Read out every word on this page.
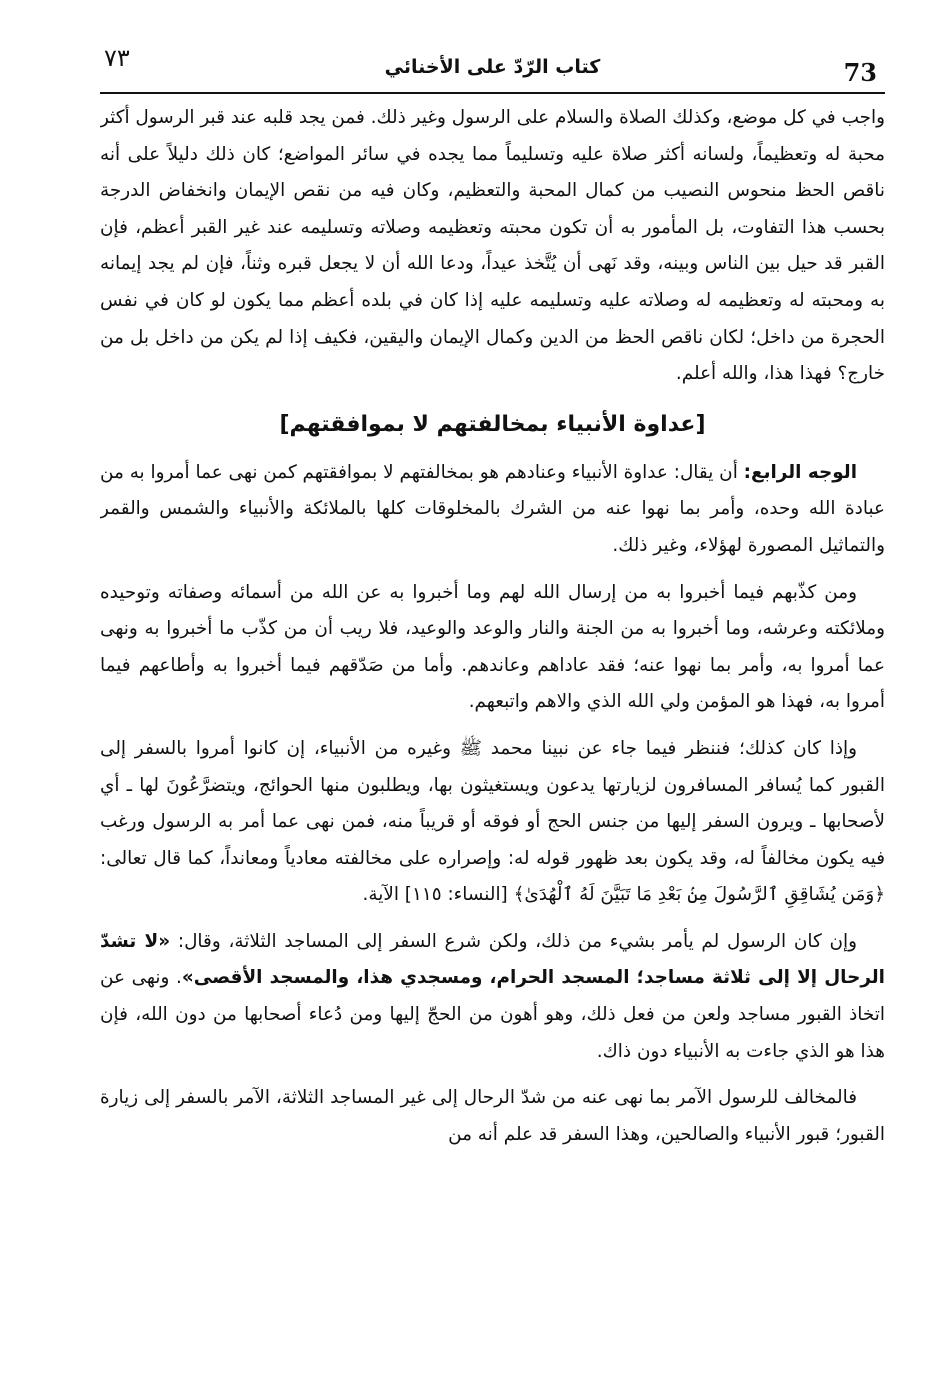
٧٣	كتاب الرّدّ على الأخنائي	73

واجب في كل موضع، وكذلك الصلاة والسلام على الرسول وغير ذلك. فمن يجد قلبه عند قبر الرسول أكثر محبة له وتعظيماً، ولسانه أكثر صلاة عليه وتسليماً مما يجده في سائر المواضع؛ كان ذلك دليلاً على أنه ناقص الحظ منحوس النصيب من كمال المحبة والتعظيم، وكان فيه من نقص الإيمان وانخفاض الدرجة بحسب هذا التفاوت، بل المأمور به أن تكون محبته وتعظيمه وصلاته وتسليمه عند غير القبر أعظم، فإن القبر قد حيل بين الناس وبينه، وقد نَهى أن يُتَّخذ عيداً، ودعا الله أن لا يجعل قبره وثناً، فإن لم يجد إيمانه به ومحبته له وتعظيمه له وصلاته عليه وتسليمه عليه إذا كان في بلده أعظم مما يكون لو كان في نفس الحجرة من داخل؛ لكان ناقص الحظ من الدين وكمال الإيمان واليقين، فكيف إذا لم يكن من داخل بل من خارج؟ فهذا هذا، والله أعلم.

[عداوة الأنبياء بمخالفتهم لا بموافقتهم]

الوجه الرابع: أن يقال: عداوة الأنبياء وعنادهم هو بمخالفتهم لا بموافقتهم كمن نهى عما أمروا به من عبادة الله وحده، وأمر بما نهوا عنه من الشرك بالمخلوقات كلها بالملائكة والأنبياء والشمس والقمر والتماثيل المصورة لهؤلاء، وغير ذلك.

ومن كذّبهم فيما أخبروا به من إرسال الله لهم وما أخبروا به عن الله من أسمائه وصفاته وتوحيده وملائكته وعرشه، وما أخبروا به من الجنة والنار والوعد والوعيد، فلا ريب أن من كذّب ما أخبروا به ونهى عما أمروا به، وأمر بما نهوا عنه؛ فقد عاداهم وعاندهم. وأما من صَدّقهم فيما أخبروا به وأطاعهم فيما أمروا به، فهذا هو المؤمن ولي الله الذي والاهم واتبعهم.

وإذا كان كذلك؛ فننظر فيما جاء عن نبينا محمد ﷺ وغيره من الأنبياء، إن كانوا أمروا بالسفر إلى القبور كما يُسافر المسافرون لزيارتها يدعون ويستغيثون بها، ويطلبون منها الحوائج، ويتضرَّعُونَ لها ـ أي لأصحابها ـ ويرون السفر إليها من جنس الحج أو فوقه أو قريباً منه، فمن نهى عما أمر به الرسول ورغب فيه يكون مخالفاً له، وقد يكون بعد ظهور قوله له: وإصراره على مخالفته معادياً ومعانداً، كما قال تعالى: ﴿وَمَن يُشَاقِقِ ٱلرَّسُولَ مِنۢ بَعْدِ مَا تَبَيَّنَ لَهُ ٱلْهُدَىٰ﴾ [النساء: ١١٥] الآية.

وإن كان الرسول لم يأمر بشيء من ذلك، ولكن شرع السفر إلى المساجد الثلاثة، وقال: «لا تشدّ الرحال إلا إلى ثلاثة مساجد؛ المسجد الحرام، ومسجدي هذا، والمسجد الأقصى». ونهى عن اتخاذ القبور مساجد ولعن من فعل ذلك، وهو أهون من الحجّ إليها ومن دُعاء أصحابها من دون الله، فإن هذا هو الذي جاءت به الأنبياء دون ذاك.

فالمخالف للرسول الآمر بما نهى عنه من شدّ الرحال إلى غير المساجد الثلاثة، الآمر بالسفر إلى زيارة القبور؛ قبور الأنبياء والصالحين، وهذا السفر قد علم أنه من
